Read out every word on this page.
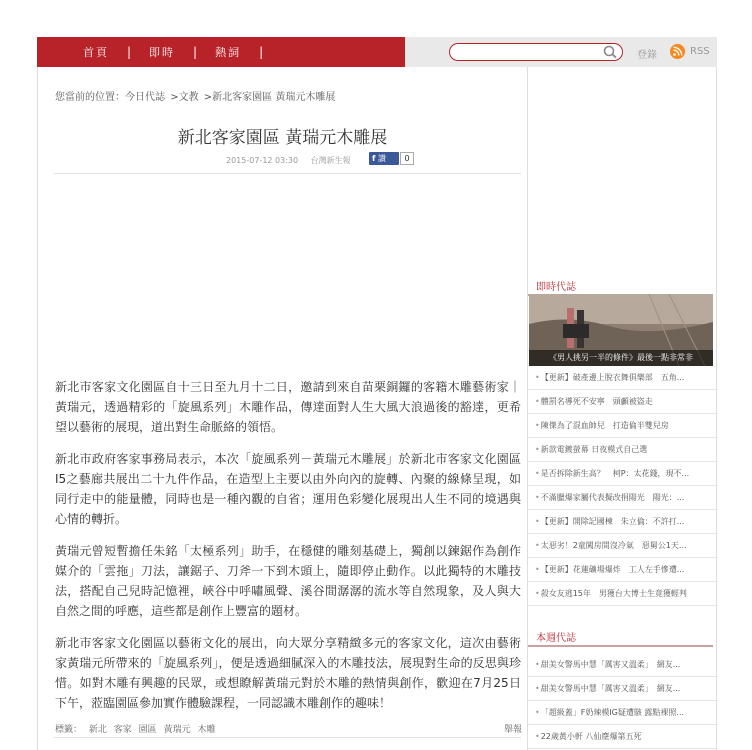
首頁	|	即時	|	熱詞	|	登錄	RSS
您當前的位置：今日代誌 >文教 >新北客家園區 黃瑞元木雕展
新北客家園區 黃瑞元木雕展
2015-07-12 03:30 台灣新生報	f 讚	0

新北市客家文化園區自十三日至九月十二日，邀請到來自苗栗銅鑼的客籍木雕藝術家｜黃瑞元，透過精彩的「旋風系列」木雕作品，傳達面對人生大風大浪過後的豁達，更希望以藝術的展現，道出對生命脈絡的領悟。

新北市政府客家事務局表示，本次「旋風系列－黃瑞元木雕展」於新北市客家文化園區I5之藝廊共展出二十九件作品，在造型上主要以由外向內的旋轉、內聚的線條呈現，如同行走中的能量體，同時也是一種內觀的自省；運用色彩變化展現出人生不同的境遇與心情的轉折。

黃瑞元曾短暫擔任朱銘「太極系列」助手，在穩健的雕刻基礎上，獨創以鍊鋸作為創作媒介的「雲拖」刀法，讓鋸子、刀斧一下到木頭上，隨即停止動作。以此獨特的木雕技法，搭配自己兒時記憶裡，峽谷中呼嘯風聲、溪谷間潺潺的流水等自然現象，及人與大自然之間的呼應，這些都是創作上豐富的題材。

新北市客家文化園區以藝術文化的展出，向大眾分享精緻多元的客家文化，這次由藝術家黃瑞元所帶來的「旋風系列」，便是透過細膩深入的木雕技法，展現對生命的反思與珍惜。如對木雕有興趣的民眾，或想瞭解黃瑞元對於木雕的熱情與創作，歡迎在7月25日下午，蒞臨園區參加實作體驗課程，一同認識木雕創作的趣味！

標籤： 新北 客家 園區 黃瑞元 木雕	舉報
即時代誌
《男人挑另一半的條件》最後一點非常非
• 【更新】破產邊上脫衣舞俱樂部　五角...
• 體罰名導死不安寧　頭顱被盜走
• 陳傑為了混血帥兒　打造倫半雙兒房
• 新款電鍍螢幕 日夜模式自己選
• 是否拆除新生高？　柯P：太花錢，現不...
• 不滿臘爆家屬代表擬改捐陽光　陽光：...
• 【更新】開除記國棟　朱立倫：不許打...
• 太惡劣！2童闖房間沒冷氣　惡舅公1天...
• 【更新】花蓮礦場爆炸　工人左手慘遭...
• 殺女友逃15年　男獲台大博士生竟獲輕判
本週代誌
• 甜美女警馬中慧「厲害又溫柔」　網友...
• 甜美女警馬中慧「厲害又溫柔」　網友...
• 「超級蓋」F奶辣模IG疑遭駭 露點裸照...
• 22歲黃小軒 八仙塵爆第五死
